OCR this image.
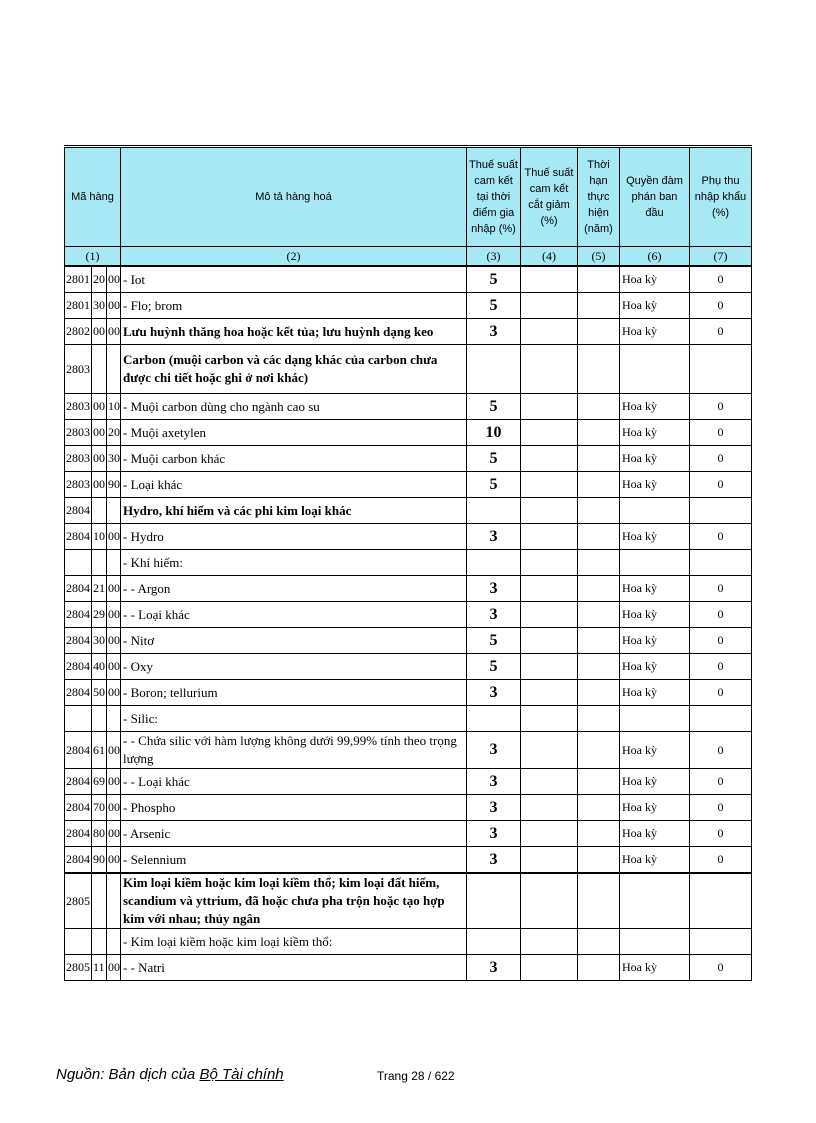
Mã hàng			Mô tả hàng hoá	Thuế suất cam kết tại thời điểm gia nhập (%)	Thuế suất cam kết cắt giảm (%)	Thời hạn thực hiện (năm)	Quyền đàm phán ban đầu	Phụ thu nhập khẩu (%)
(1)			(2)	(3)	(4)	(5)	(6)	(7)
2801	20	00	- Iot	5			Hoa kỳ	0
2801	30	00	- Flo; brom	5			Hoa kỳ	0
2802	00	00	Lưu huỳnh thăng hoa hoặc kết tủa; lưu huỳnh dạng keo	3			Hoa kỳ	0
2803			Carbon (muội carbon và các dạng khác của carbon chưa được chi tiết hoặc ghi ở nơi khác)					
2803	00	10	- Muội carbon dùng cho ngành cao su	5			Hoa kỳ	0
2803	00	20	- Muội axetylen	10			Hoa kỳ	0
2803	00	30	- Muội carbon khác	5			Hoa kỳ	0
2803	00	90	- Loại khác	5			Hoa kỳ	0
2804			Hydro, khí hiếm và các phi kim loại khác					
2804	10	00	- Hydro	3			Hoa kỳ	0
			- Khí hiếm:					
2804	21	00	- - Argon	3			Hoa kỳ	0
2804	29	00	- - Loại khác	3			Hoa kỳ	0
2804	30	00	- Nitơ	5			Hoa kỳ	0
2804	40	00	- Oxy	5			Hoa kỳ	0
2804	50	00	- Boron; tellurium	3			Hoa kỳ	0
			- Silic:					
2804	61	00	- - Chứa silic với hàm lượng không dưới 99,99% tính theo trọng lượng	3			Hoa kỳ	0
2804	69	00	- - Loại khác	3			Hoa kỳ	0
2804	70	00	- Phospho	3			Hoa kỳ	0
2804	80	00	- Arsenic	3			Hoa kỳ	0
2804	90	00	- Selennium	3			Hoa kỳ	0
2805			Kim loại kiềm hoặc kim loại kiềm thổ; kim loại đất hiếm, scandium và yttrium, đã hoặc chưa pha trộn hoặc tạo hợp kim với nhau; thủy ngân					
			- Kim loại kiềm hoặc kim loại kiềm thổ:					
2805	11	00	- - Natri	3			Hoa kỳ	0
Nguồn: Bản dịch của Bộ Tài chính	Trang 28 / 622
